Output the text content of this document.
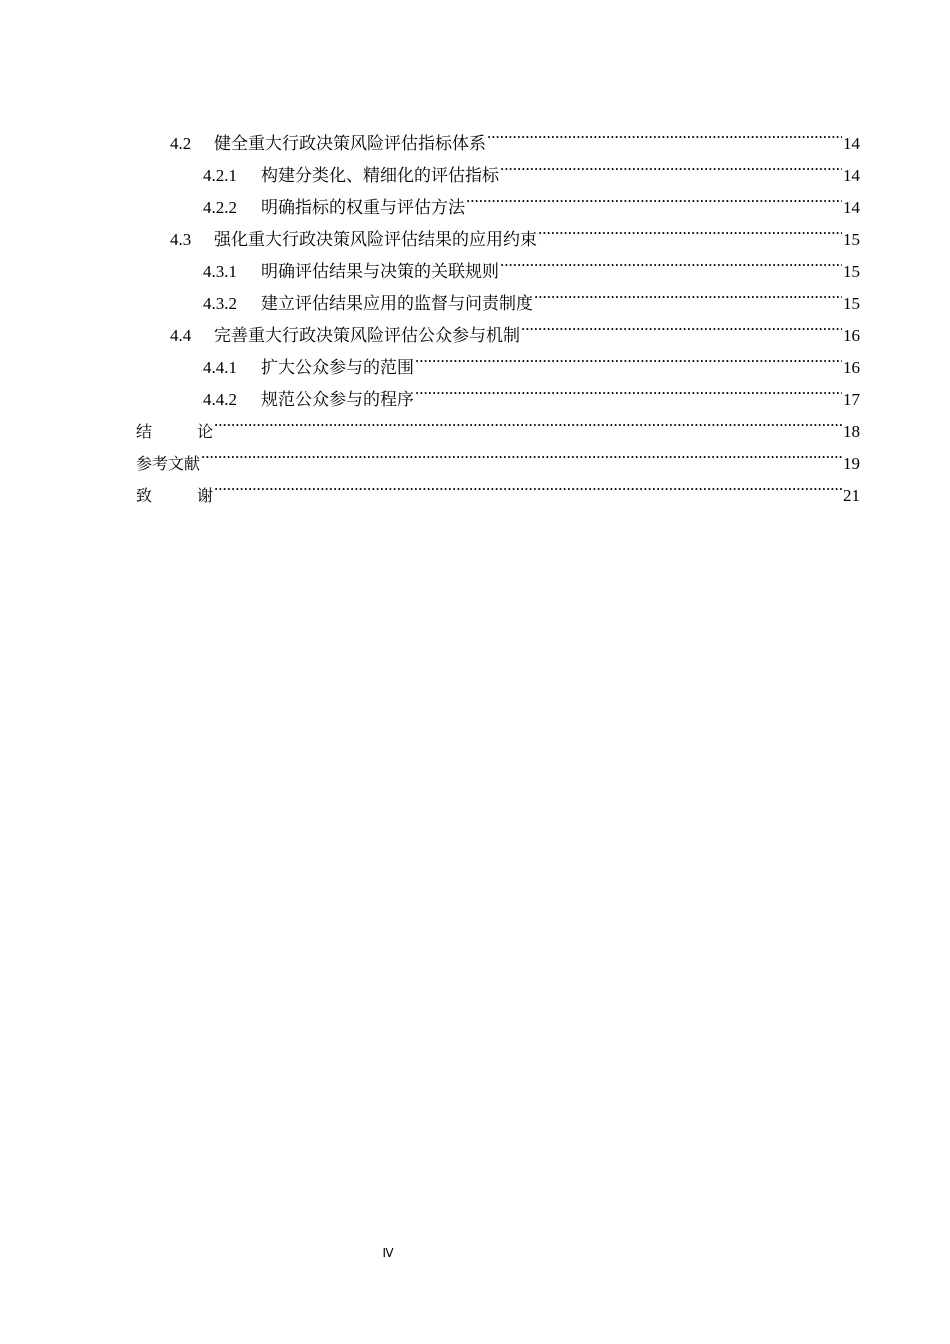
4.2	健全重大行政决策风险评估指标体系 .....	14
4.2.1	构建分类化、精细化的评估指标 .....	14
4.2.2	明确指标的权重与评估方法 .....	14
4.3	强化重大行政决策风险评估结果的应用约束 .....	15
4.3.1	明确评估结果与决策的关联规则 .....	15
4.3.2	建立评估结果应用的监督与问责制度 .....	15
4.4	完善重大行政决策风险评估公众参与机制 .....	16
4.4.1	扩大公众参与的范围 .....	16
4.4.2	规范公众参与的程序 .....	17
结	论 .....	18
参考文献 .....	19
致	谢 .....	21
Ⅳ
